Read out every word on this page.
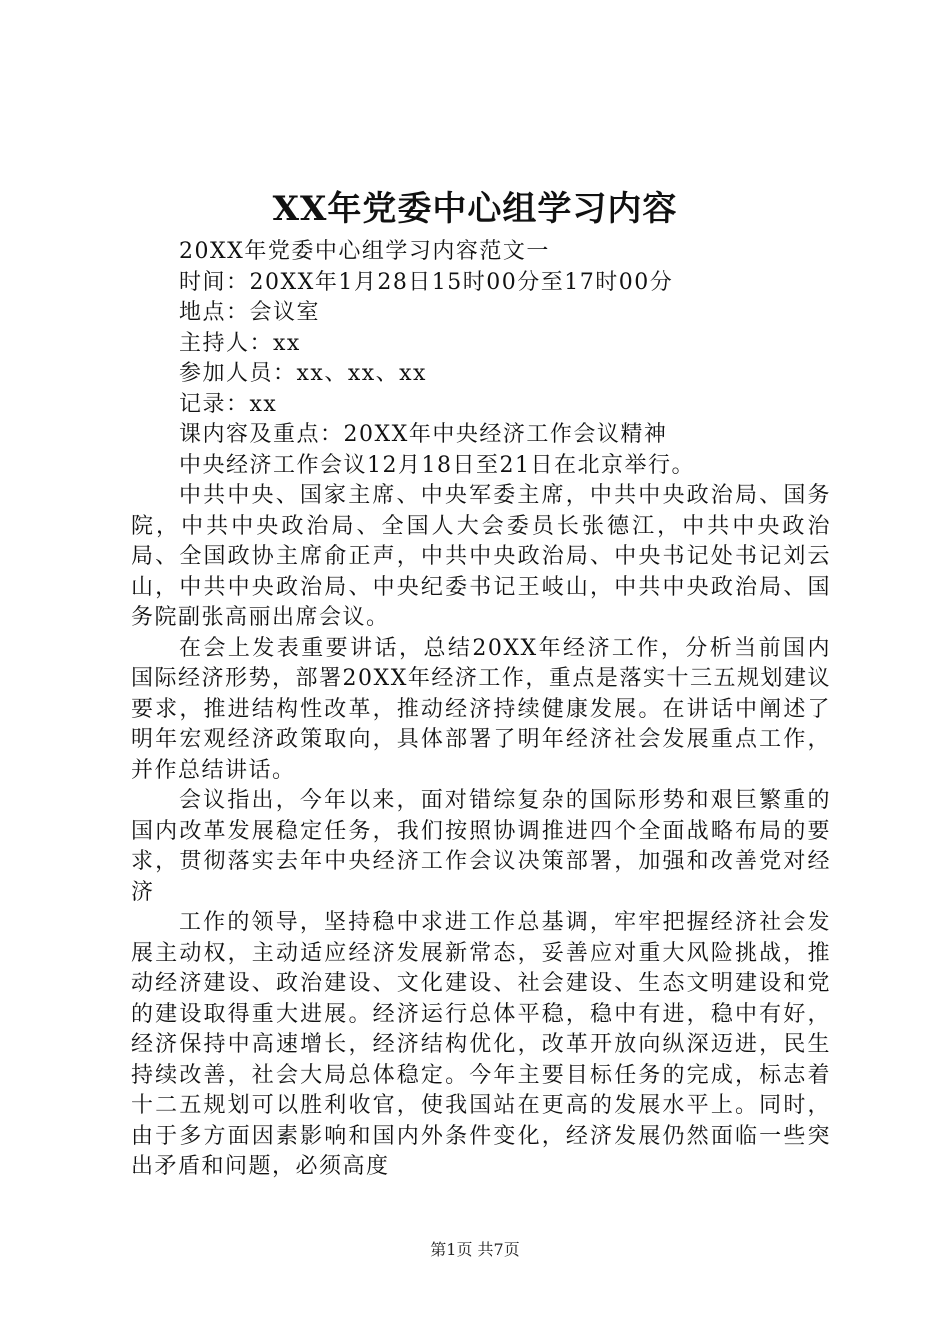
XX年党委中心组学习内容
20XX年党委中心组学习内容范文一
时间：20XX年1月28日15时00分至17时00分
地点：会议室
主持人：xx
参加人员：xx、xx、xx
记录：xx
课内容及重点：20XX年中央经济工作会议精神
中央经济工作会议12月18日至21日在北京举行。

中共中央、国家主席、中央军委主席，中共中央政治局、国务院，中共中央政治局、全国人大会委员长张德江，中共中央政治局、全国政协主席俞正声，中共中央政治局、中央书记处书记刘云山，中共中央政治局、中央纪委书记王岐山，中共中央政治局、国务院副张高丽出席会议。

在会上发表重要讲话，总结20XX年经济工作，分析当前国内国际经济形势，部署20XX年经济工作，重点是落实十三五规划建议要求，推进结构性改革，推动经济持续健康发展。在讲话中阐述了明年宏观经济政策取向，具体部署了明年经济社会发展重点工作，并作总结讲话。

会议指出，今年以来，面对错综复杂的国际形势和艰巨繁重的国内改革发展稳定任务，我们按照协调推进四个全面战略布局的要求，贯彻落实去年中央经济工作会议决策部署，加强和改善党对经济

工作的领导，坚持稳中求进工作总基调，牢牢把握经济社会发展主动权，主动适应经济发展新常态，妥善应对重大风险挑战，推动经济建设、政治建设、文化建设、社会建设、生态文明建设和党的建设取得重大进展。经济运行总体平稳，稳中有进，稳中有好，经济保持中高速增长，经济结构优化，改革开放向纵深迈进，民生持续改善，社会大局总体稳定。今年主要目标任务的完成，标志着十二五规划可以胜利收官，使我国站在更高的发展水平上。同时，由于多方面因素影响和国内外条件变化，经济发展仍然面临一些突出矛盾和问题，必须高度

第1页 共7页
